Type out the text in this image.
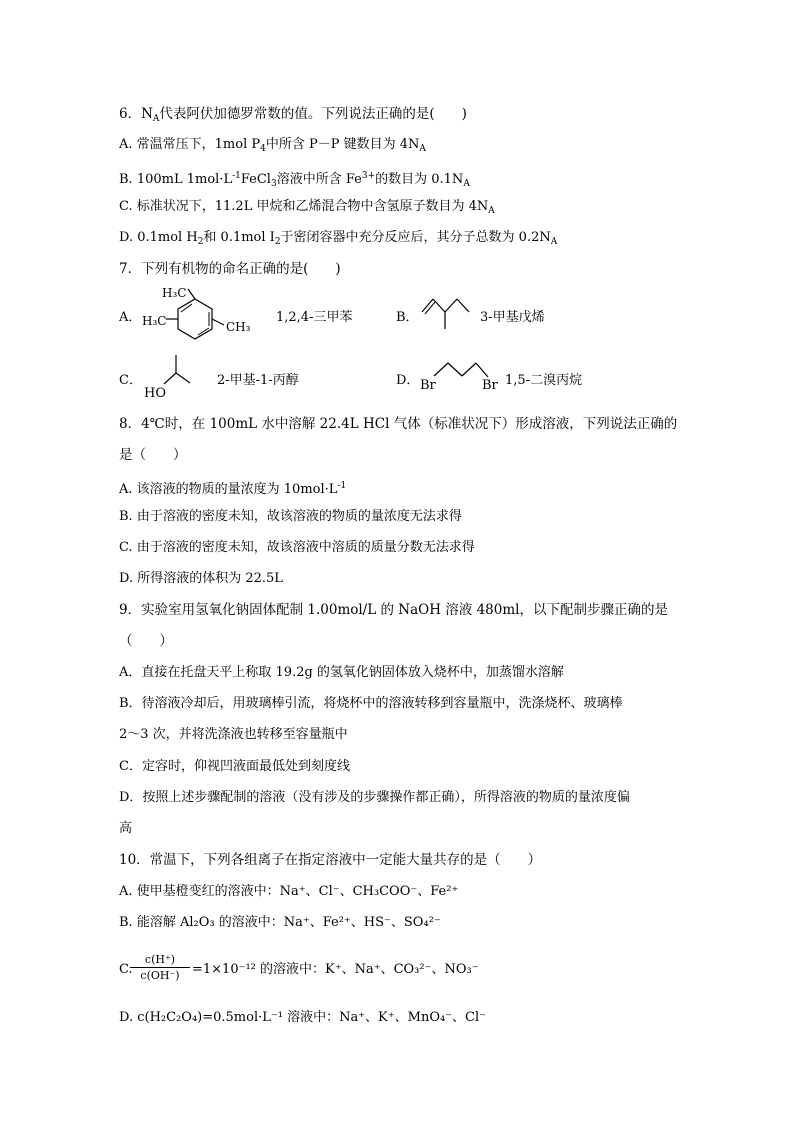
6．$N_A$代表阿伏加德罗常数的值。下列说法正确的是(　　)
A. 常温常压下，1mol $P_4$中所含 P－P 键数目为 $4N_A$
B. 100mL $1mol\cdot L^{-1}FeCl_3$溶液中所含 $Fe^{3+}$的数目为 $0.1N_A$
C. 标准状况下，11.2L 甲烷和乙烯混合物中含氢原子数目为 $4N_A$
D. 0.1mol $H_2$和 0.1mol $I_2$于密闭容器中充分反应后，其分子总数为 $0.2N_A$
7．下列有机物的命名正确的是(　　)
A．
H₃C
H₃C	CH₃
1,2,4-三甲苯	B．	3-甲基戊烯
C．
HO
2-甲基-1-丙醇	D． Br	Br 1,5-二溴丙烷
8．4℃时，在 100mL 水中溶解 22.4L HCl 气体（标准状况下）形成溶液，下列说法正确的
是（　　）
A. 该溶液的物质的量浓度为 $10mol\cdot L^{-1}$
B. 由于溶液的密度未知，故该溶液的物质的量浓度无法求得
C. 由于溶液的密度未知，故该溶液中溶质的质量分数无法求得
D. 所得溶液的体积为 22.5L
9．实验室用氢氧化钠固体配制 1.00mol/L 的 NaOH 溶液 480ml，以下配制步骤正确的是
（　　）
A．直接在托盘天平上称取 19.2g 的氢氧化钠固体放入烧杯中，加蒸馏水溶解
B．待溶液冷却后，用玻璃棒引流，将烧杯中的溶液转移到容量瓶中，洗涤烧杯、玻璃棒
2～3 次，并将洗涤液也转移至容量瓶中
C．定容时，仰视凹液面最低处到刻度线
D．按照上述步骤配制的溶液（没有涉及的步骤操作都正确），所得溶液的物质的量浓度偏
高
10．常温下，下列各组离子在指定溶液中一定能大量共存的是（　　）
A. 使甲基橙变红的溶液中：Na⁺、Cl⁻、CH₃COO⁻、Fe²⁺
B. 能溶解 Al₂O₃ 的溶液中：Na⁺、Fe²⁺、HS⁻、SO₄²⁻
C.
$\frac{c(H^+)}{c(OH^-)} =1\times 10^{-12}$ 的溶液中：K⁺、Na⁺、CO₃²⁻、NO₃⁻
D. c(H₂C₂O₄)=0.5mol·L⁻¹ 溶液中：Na⁺、K⁺、MnO₄⁻、Cl⁻
